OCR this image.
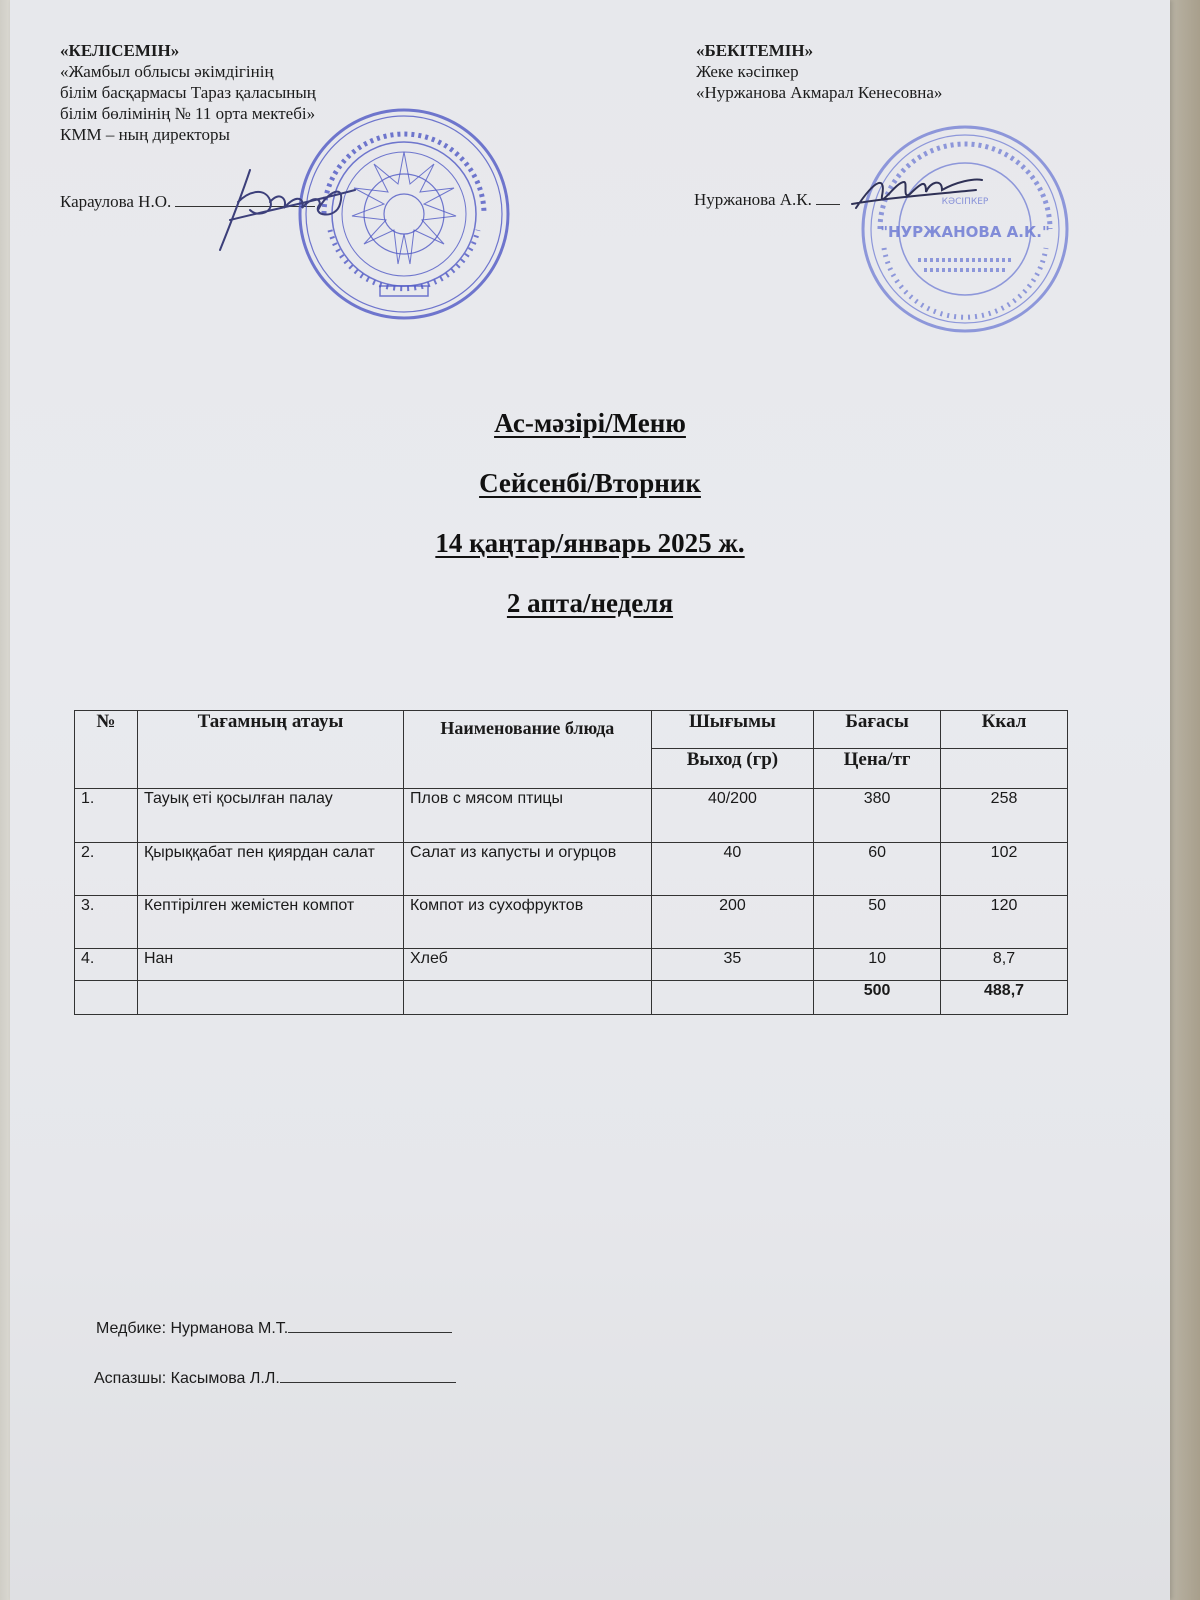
«КЕЛІСЕМІН»
«Жамбыл облысы әкімдігінің
білім басқармасы Тараз қаласының
білім бөлімінің № 11 орта мектебі»
КММ – ның директоры
Караулова Н.О.
«БЕКІТЕМІН»
Жеке кәсіпкер
«Нуржанова Акмарал Кенесовна»
Нуржанова А.К.	КӘСІПКЕР
"НУРЖАНОВА А.К."
Ас-мәзірі/Меню
Сейсенбі/Вторник
14 қаңтар/январь 2025 ж.
2 апта/неделя
№	Тағамның атауы	Наименование блюда	Шығымы	Бағасы	Ккал
			Выход (гр)	Цена/тг	
1.	Тауық еті қосылған палау	Плов с мясом птицы	40/200	380	258
2.	Қырыққабат пен қиярдан салат	Салат из капусты и огурцов	40	60	102
3.	Кептірілген жемістен компот	Компот из сухофруктов	200	50	120
4.	Нан	Хлеб	35	10	8,7
				500	488,7
Медбике: Нурманова М.Т.
Аспазшы: Касымова Л.Л.
